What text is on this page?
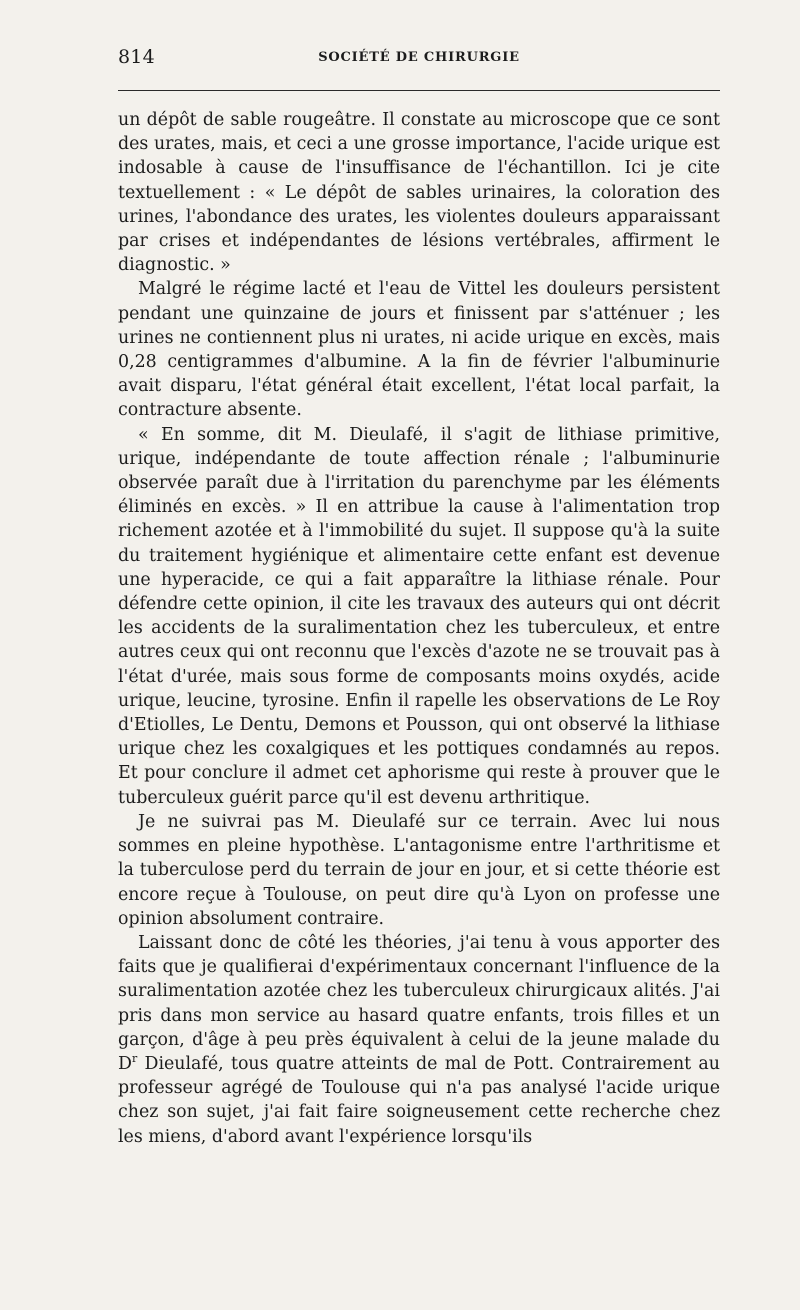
814	SOCIÉTÉ DE CHIRURGIE

un dépôt de sable rougeâtre. Il constate au microscope que ce sont des urates, mais, et ceci a une grosse importance, l'acide urique est indosable à cause de l'insuffisance de l'échantillon. Ici je cite textuellement : « Le dépôt de sables urinaires, la coloration des urines, l'abondance des urates, les violentes douleurs apparaissant par crises et indépendantes de lésions vertébrales, affirment le diagnostic. »

Malgré le régime lacté et l'eau de Vittel les douleurs persistent pendant une quinzaine de jours et finissent par s'atténuer ; les urines ne contiennent plus ni urates, ni acide urique en excès, mais 0,28 centigrammes d'albumine. A la fin de février l'albuminurie avait disparu, l'état général était excellent, l'état local parfait, la contracture absente.

« En somme, dit M. Dieulafé, il s'agit de lithiase primitive, urique, indépendante de toute affection rénale ; l'albuminurie observée paraît due à l'irritation du parenchyme par les éléments éliminés en excès. » Il en attribue la cause à l'alimentation trop richement azotée et à l'immobilité du sujet. Il suppose qu'à la suite du traitement hygiénique et alimentaire cette enfant est devenue une hyperacide, ce qui a fait apparaître la lithiase rénale. Pour défendre cette opinion, il cite les travaux des auteurs qui ont décrit les accidents de la suralimentation chez les tuberculeux, et entre autres ceux qui ont reconnu que l'excès d'azote ne se trouvait pas à l'état d'urée, mais sous forme de composants moins oxydés, acide urique, leucine, tyrosine. Enfin il rapelle les observations de Le Roy d'Etiolles, Le Dentu, Demons et Pousson, qui ont observé la lithiase urique chez les coxalgiques et les pottiques condamnés au repos. Et pour conclure il admet cet aphorisme qui reste à prouver que le tuberculeux guérit parce qu'il est devenu arthritique.

Je ne suivrai pas M. Dieulafé sur ce terrain. Avec lui nous sommes en pleine hypothèse. L'antagonisme entre l'arthritisme et la tuberculose perd du terrain de jour en jour, et si cette théorie est encore reçue à Toulouse, on peut dire qu'à Lyon on professe une opinion absolument contraire.

Laissant donc de côté les théories, j'ai tenu à vous apporter des faits que je qualifierai d'expérimentaux concernant l'influence de la suralimentation azotée chez les tuberculeux chirurgicaux alités. J'ai pris dans mon service au hasard quatre enfants, trois filles et un garçon, d'âge à peu près équivalent à celui de la jeune malade du $D^r$ Dieulafé, tous quatre atteints de mal de Pott. Contrairement au professeur agrégé de Toulouse qui n'a pas analysé l'acide urique chez son sujet, j'ai fait faire soigneusement cette recherche chez les miens, d'abord avant l'expérience lorsqu'ils
